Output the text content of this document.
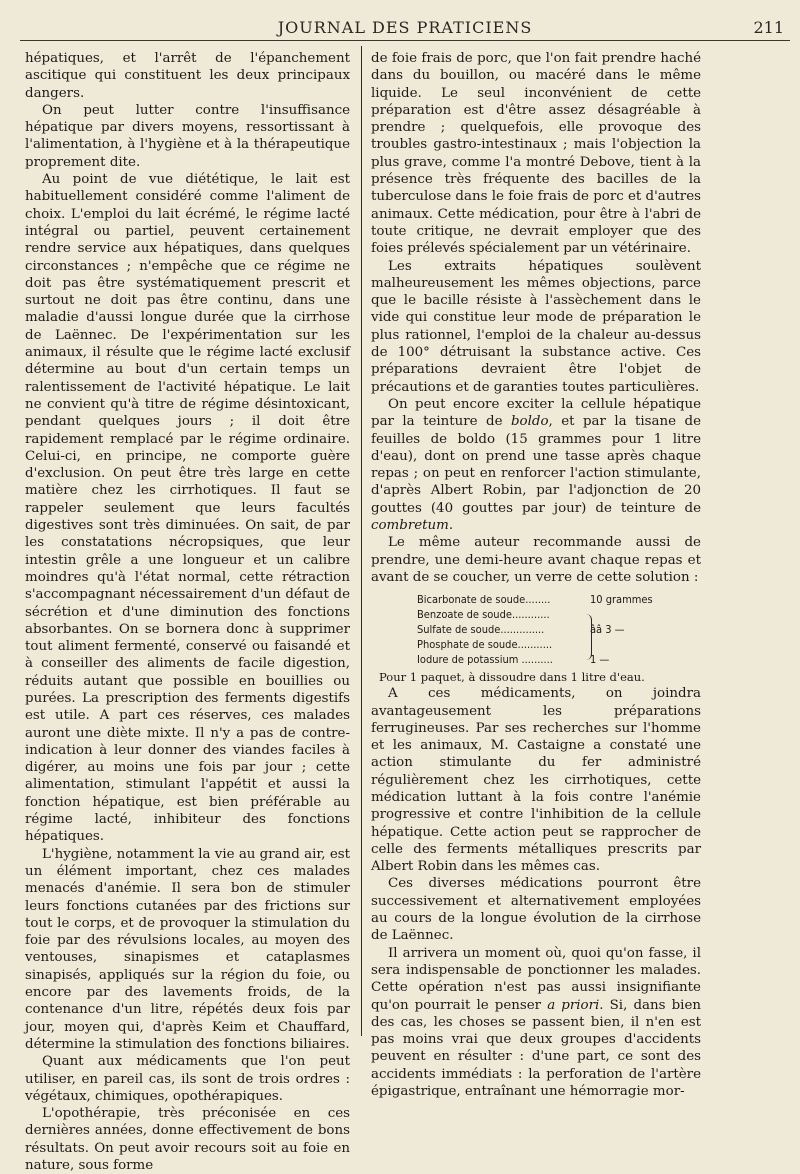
JOURNAL DES PRATICIENS	211

hépatiques, et l'arrêt de l'épanchement ascitique qui constituent les deux principaux dangers.

On peut lutter contre l'insuffisance hépatique par divers moyens, ressortissant à l'alimentation, à l'hygiène et à la thérapeutique proprement dite.

Au point de vue diététique, le lait est habituellement considéré comme l'aliment de choix. L'emploi du lait écrémé, le régime lacté intégral ou partiel, peuvent certainement rendre service aux hépatiques, dans quelques circonstances ; n'empêche que ce régime ne doit pas être systématiquement prescrit et surtout ne doit pas être continu, dans une maladie d'aussi longue durée que la cirrhose de Laënnec. De l'expérimentation sur les animaux, il résulte que le régime lacté exclusif détermine au bout d'un certain temps un ralentissement de l'activité hépatique. Le lait ne convient qu'à titre de régime désintoxicant, pendant quelques jours ; il doit être rapidement remplacé par le régime ordinaire. Celui-ci, en principe, ne comporte guère d'exclusion. On peut être très large en cette matière chez les cirrhotiques. Il faut se rappeler seulement que leurs facultés digestives sont très diminuées. On sait, de par les constatations nécropsiques, que leur intestin grêle a une longueur et un calibre moindres qu'à l'état normal, cette rétraction s'accompagnant nécessairement d'un défaut de sécrétion et d'une diminution des fonctions absorbantes. On se bornera donc à supprimer tout aliment fermenté, conservé ou faisandé et à conseiller des aliments de facile digestion, réduits autant que possible en bouillies ou purées. La prescription des ferments digestifs est utile. A part ces réserves, ces malades auront une diète mixte. Il n'y a pas de contre-indication à leur donner des viandes faciles à digérer, au moins une fois par jour ; cette alimentation, stimulant l'appétit et aussi la fonction hépatique, est bien préférable au régime lacté, inhibiteur des fonctions hépatiques.

L'hygiène, notamment la vie au grand air, est un élément important, chez ces malades menacés d'anémie. Il sera bon de stimuler leurs fonctions cutanées par des frictions sur tout le corps, et de provoquer la stimulation du foie par des révulsions locales, au moyen des ventouses, sinapismes et cataplasmes sinapisés, appliqués sur la région du foie, ou encore par des lavements froids, de la contenance d'un litre, répétés deux fois par jour, moyen qui, d'après Keim et Chauffard, détermine la stimulation des fonctions biliaires.

Quant aux médicaments que l'on peut utiliser, en pareil cas, ils sont de trois ordres : végétaux, chimiques, opothérapiques.

L'opothérapie, très préconisée en ces dernières années, donne effectivement de bons résultats. On peut avoir recours soit au foie en nature, sous forme

de foie frais de porc, que l'on fait prendre haché dans du bouillon, ou macéré dans le même liquide. Le seul inconvénient de cette préparation est d'être assez désagréable à prendre ; quelquefois, elle provoque des troubles gastro-intestinaux ; mais l'objection la plus grave, comme l'a montré Debove, tient à la présence très fréquente des bacilles de la tuberculose dans le foie frais de porc et d'autres animaux. Cette médication, pour être à l'abri de toute critique, ne devrait employer que des foies prélevés spécialement par un vétérinaire.

Les extraits hépatiques soulèvent malheureusement les mêmes objections, parce que le bacille résiste à l'assèchement dans le vide qui constitue leur mode de préparation le plus rationnel, l'emploi de la chaleur au-dessus de 100° détruisant la substance active. Ces préparations devraient être l'objet de précautions et de garanties toutes particulières.

On peut encore exciter la cellule hépatique par la teinture de boldo, et par la tisane de feuilles de boldo (15 grammes pour 1 litre d'eau), dont on prend une tasse après chaque repas ; on peut en renforcer l'action stimulante, d'après Albert Robin, par l'adjonction de 20 gouttes (40 gouttes par jour) de teinture de combretum.

Le même auteur recommande aussi de prendre, une demi-heure avant chaque repas et avant de se coucher, un verre de cette solution :

Bicarbonate de soude........	10 grammes
Benzoate de soude............
Sulfate de soude..............	ââ 3 —
Phosphate de soude...........
Iodure de potassium ..........	1 —

Pour 1 paquet, à dissoudre dans 1 litre d'eau.

A ces médicaments, on joindra avantageusement les préparations ferrugineuses. Par ses recherches sur l'homme et les animaux, M. Castaigne a constaté une action stimulante du fer administré régulièrement chez les cirrhotiques, cette médication luttant à la fois contre l'anémie progressive et contre l'inhibition de la cellule hépatique. Cette action peut se rapprocher de celle des ferments métalliques prescrits par Albert Robin dans les mêmes cas.

Ces diverses médications pourront être successivement et alternativement employées au cours de la longue évolution de la cirrhose de Laënnec.

Il arrivera un moment où, quoi qu'on fasse, il sera indispensable de ponctionner les malades. Cette opération n'est pas aussi insignifiante qu'on pourrait le penser a priori. Si, dans bien des cas, les choses se passent bien, il n'en est pas moins vrai que deux groupes d'accidents peuvent en résulter : d'une part, ce sont des accidents immédiats : la perforation de l'artère épigastrique, entraînant une hémorragie mor-
